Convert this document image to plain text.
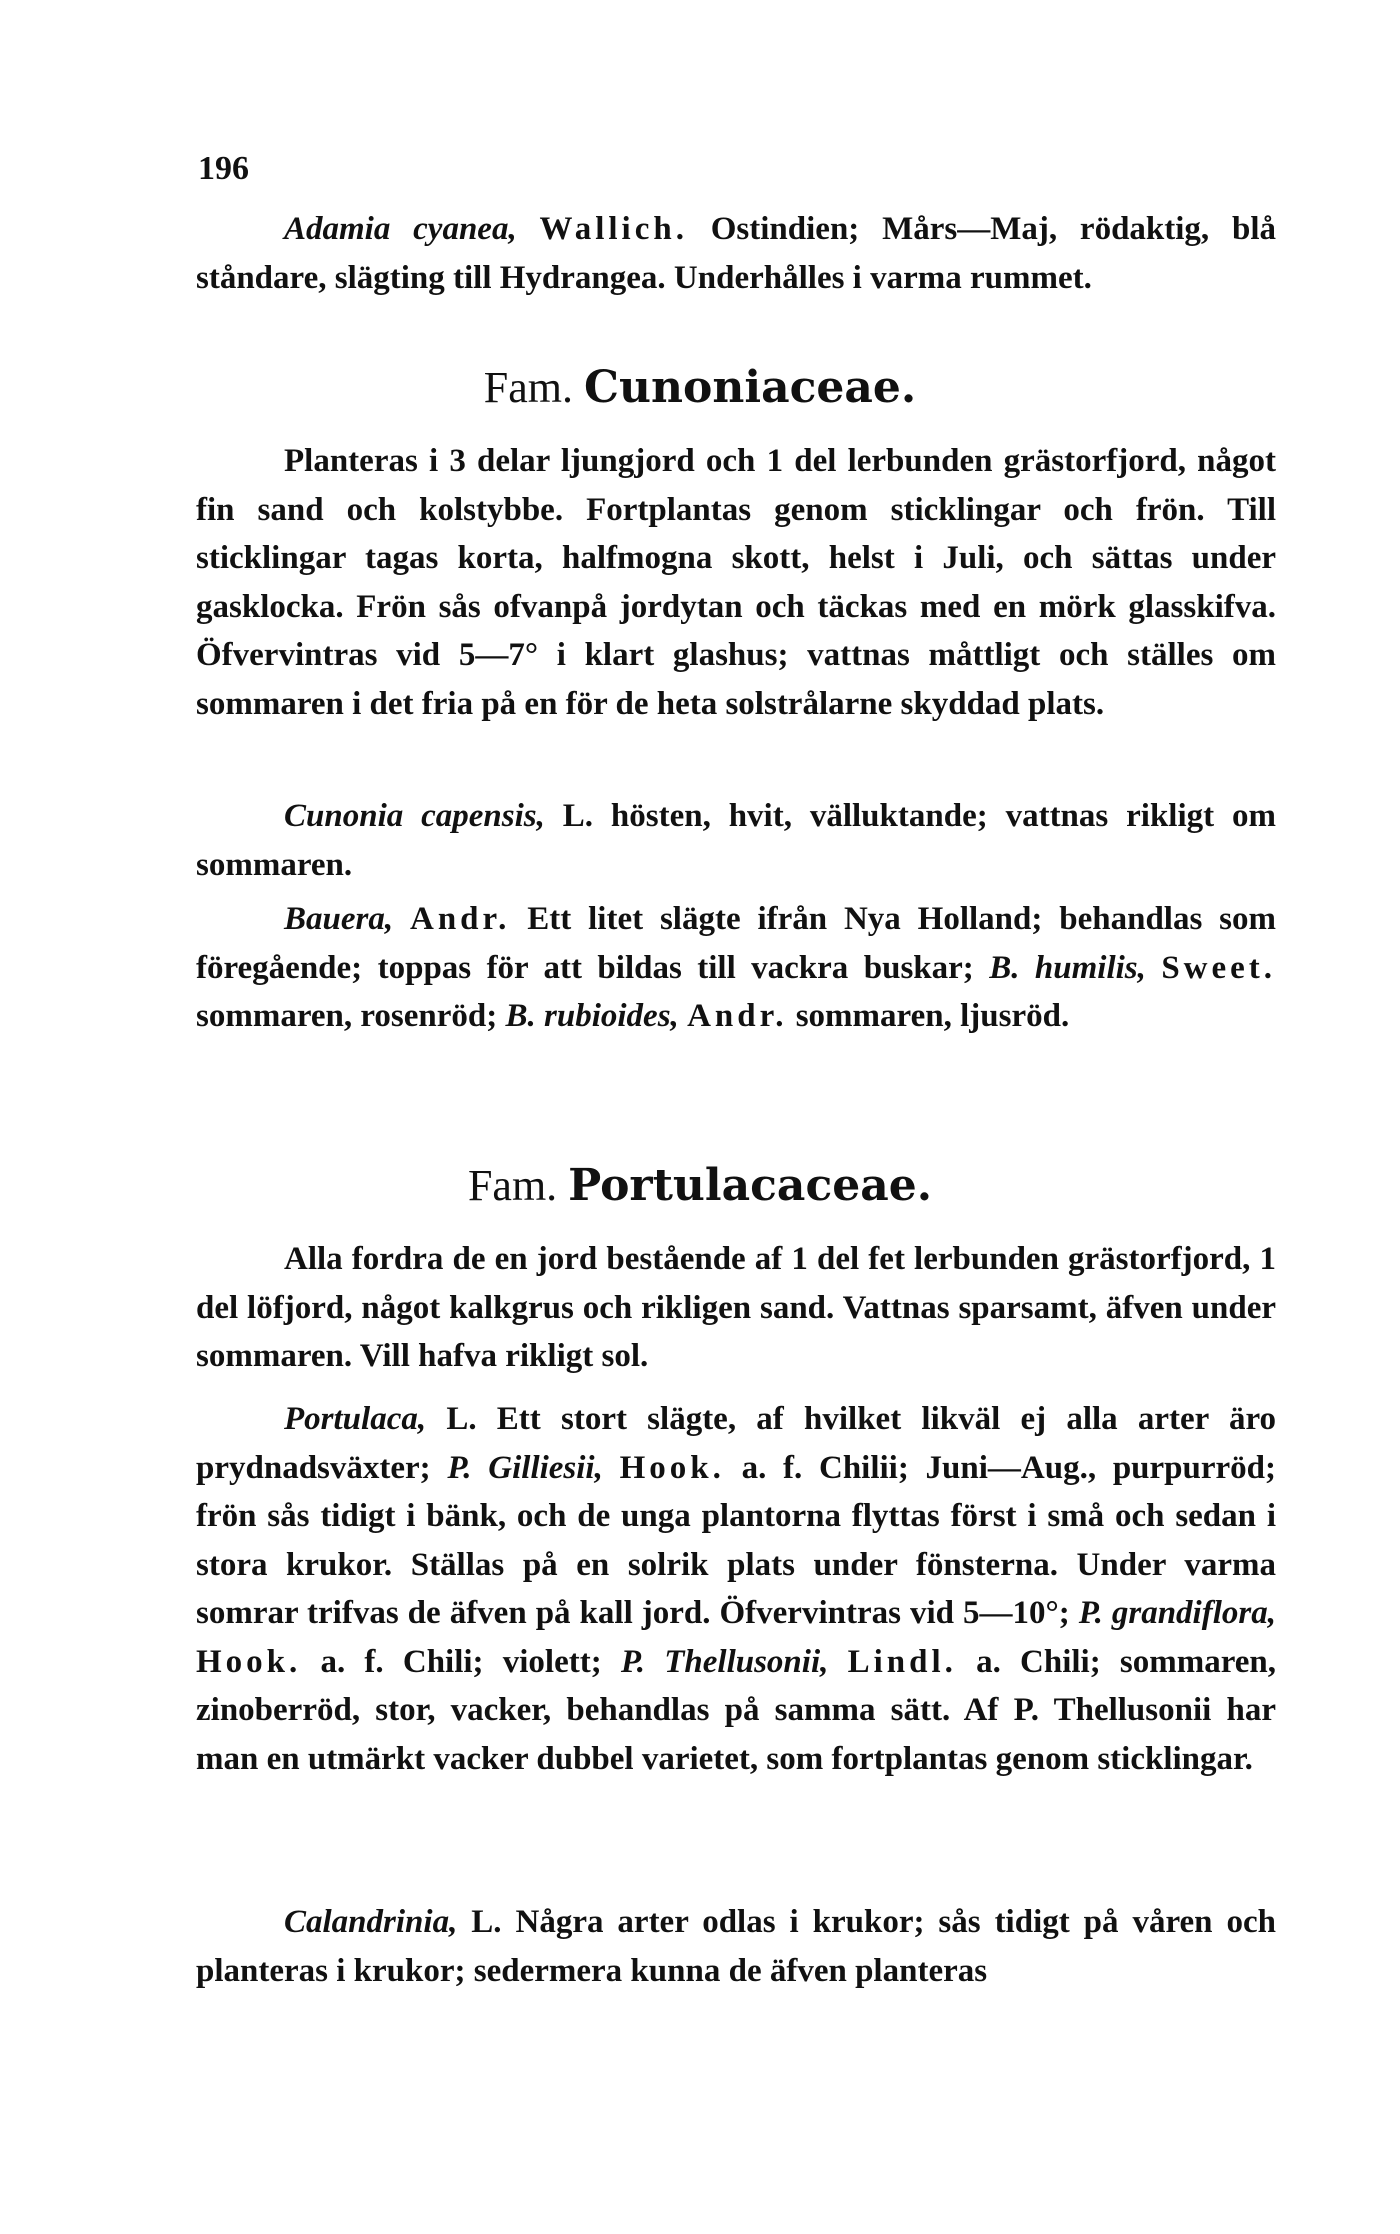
196

Adamia cyanea, Wallich. Ostindien; Mårs—Maj, rödaktig, blå ståndare, slägting till Hydrangea. Underhålles i varma rummet.

Fam. Cunoniaceae.

Planteras i 3 delar ljungjord och 1 del lerbunden grästorfjord, något fin sand och kolstybbe. Fortplantas genom sticklingar och frön. Till sticklingar tagas korta, halfmogna skott, helst i Juli, och sättas under gasklocka. Frön sås ofvanpå jordytan och täckas med en mörk glasskifva. Öfvervintras vid 5—7° i klart glashus; vattnas måttligt och ställes om sommaren i det fria på en för de heta solstrålarne skyddad plats.

Cunonia capensis, L. hösten, hvit, välluktande; vattnas rikligt om sommaren.

Bauera, Andr. Ett litet slägte ifrån Nya Holland; behandlas som föregående; toppas för att bildas till vackra buskar; B. humilis, Sweet. sommaren, rosenröd; B. rubioides, Andr. sommaren, ljusröd.

Fam. Portulacaceae.

Alla fordra de en jord bestående af 1 del fet lerbunden grästorfjord, 1 del löfjord, något kalkgrus och rikligen sand. Vattnas sparsamt, äfven under sommaren. Vill hafva rikligt sol.

Portulaca, L. Ett stort slägte, af hvilket likväl ej alla arter äro prydnadsväxter; P. Gilliesii, Hook. a. f. Chilii; Juni—Aug., purpurröd; frön sås tidigt i bänk, och de unga plantorna flyttas först i små och sedan i stora krukor. Ställas på en solrik plats under fönsterna. Under varma somrar trifvas de äfven på kall jord. Öfvervintras vid 5—10°; P. grandiflora, Hook. a. f. Chili; violett; P. Thellusonii, Lindl. a. Chili; sommaren, zinoberröd, stor, vacker, behandlas på samma sätt. Af P. Thellusonii har man en utmärkt vacker dubbel varietet, som fortplantas genom sticklingar.

Calandrinia, L. Några arter odlas i krukor; sås tidigt på våren och planteras i krukor; sedermera kunna de äfven planteras
